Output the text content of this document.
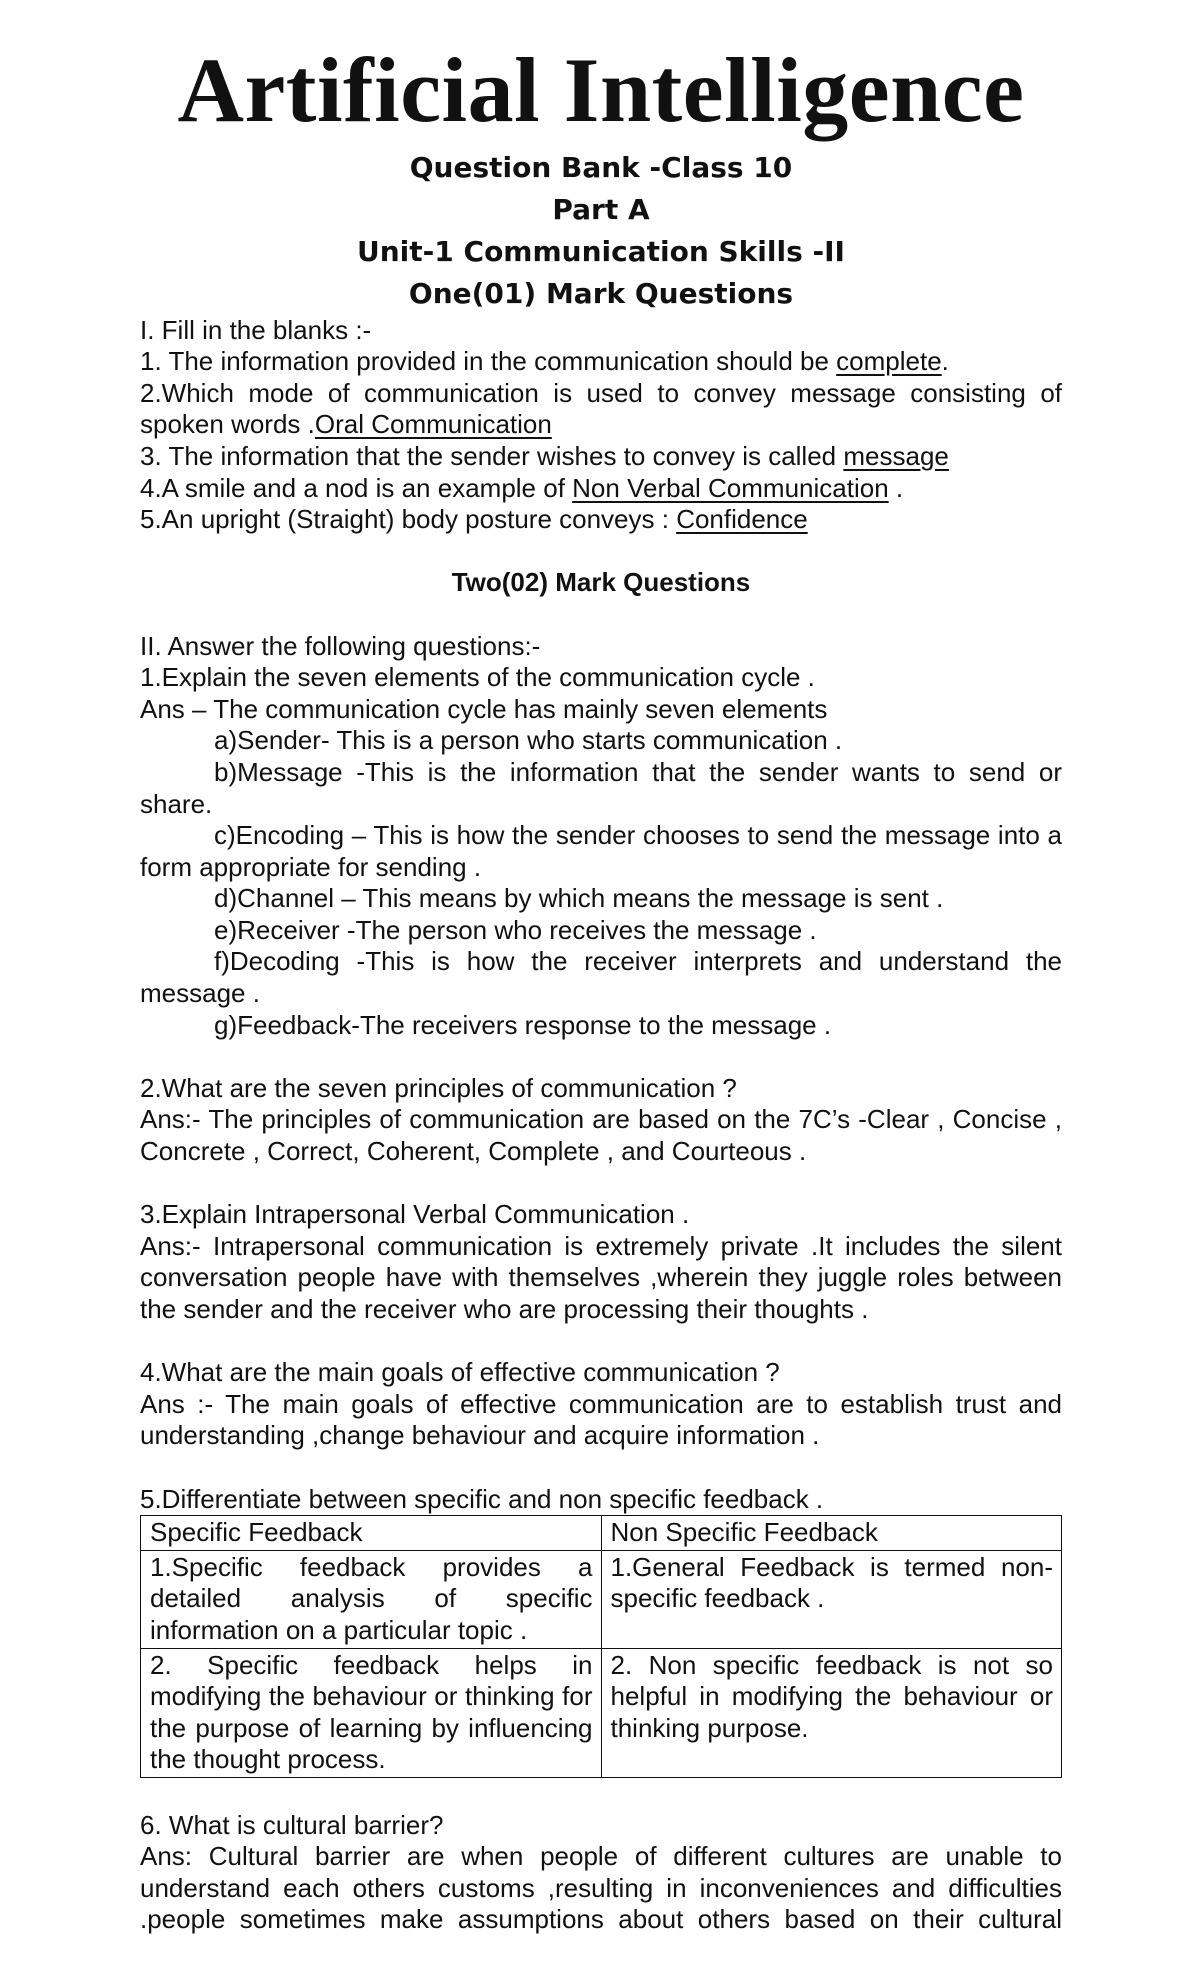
Artificial Intelligence

Question Bank -Class 10

Part A

Unit-1 Communication Skills -II

One(01) Mark Questions

I. Fill in the blanks :-

1. The information provided in the communication should be complete.

2.Which mode of communication is used to convey message consisting of spoken words .Oral Communication

3. The information that the sender wishes to convey is called message

4.A smile and a nod is an example of Non Verbal Communication .

5.An upright (Straight) body posture conveys : Confidence

Two(02) Mark Questions

II. Answer the following questions:-

1.Explain the seven elements of the communication cycle .

Ans – The communication cycle has mainly seven elements

a)Sender- This is a person who starts communication .

b)Message -This is the information that the sender wants to send or share.

c)Encoding – This is how the sender chooses to send the message into a form appropriate for sending .

d)Channel – This means by which means the message is sent .

e)Receiver -The person who receives the message .

f)Decoding -This is how the receiver interprets and understand the message .

g)Feedback-The receivers response to the message .

2.What are the seven principles of communication ?

Ans:- The principles of communication are based on the 7C’s -Clear , Concise , Concrete , Correct, Coherent, Complete , and Courteous .

3.Explain Intrapersonal Verbal Communication .

Ans:- Intrapersonal communication is extremely private .It includes the silent conversation people have with themselves ,wherein they juggle roles between the sender and the receiver who are processing their thoughts .

4.What are the main goals of effective communication ?

Ans :- The main goals of effective communication are to establish trust and understanding ,change behaviour and acquire information .

5.Differentiate between specific and non specific feedback .

Specific Feedback	Non Specific Feedback

1.Specific feedback provides a detailed analysis of specific information on a particular topic .	1.General Feedback is termed non-specific feedback .

2. Specific feedback helps in modifying the behaviour or thinking for the purpose of learning by influencing the thought process.	2. Non specific feedback is not so helpful in modifying the behaviour or thinking purpose.

6. What is cultural barrier?

Ans: Cultural barrier are when people of different cultures are unable to understand each others customs ,resulting in inconveniences and difficulties .people sometimes make assumptions about others based on their cultural
